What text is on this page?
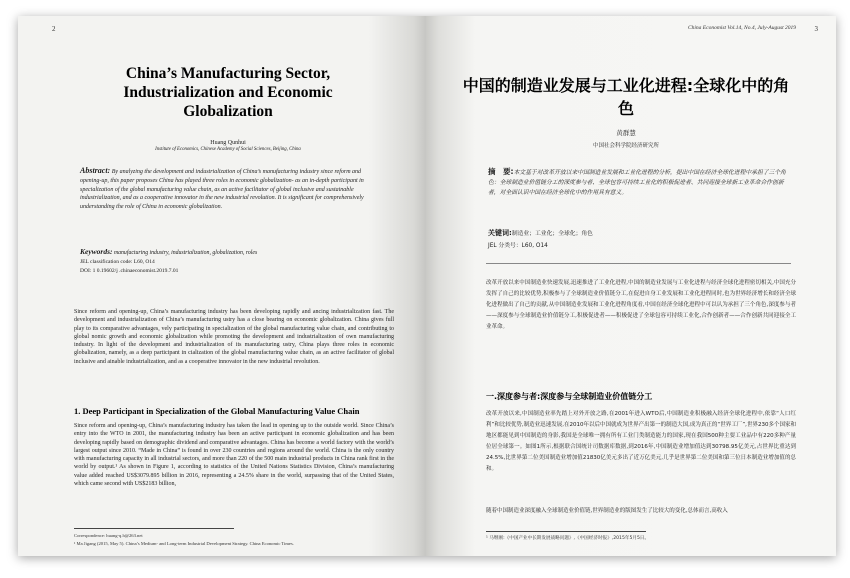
2
China’s Manufacturing Sector, Industrialization and Economic Globalization
Huang Qunhui
Institute of Economics, Chinese Academy of Social Sciences, Beijing, China

Abstract: By analyzing the development and industrialization of China’s manufacturing industry since reform and opening-up, this paper proposes China has played three roles in economic globalization- as an in-depth participant in specialization of the global manufacturing value chain, as an active facilitator of global inclusive and sustainable industrialization, and as a cooperative innovator in the new industrial revolution. It is significant for comprehensively understanding the role of China in economic globalization.

Keywords: manufacturing industry, industrialization, globalization, roles

JEL classification code: L60, O14
DOI: 1 0.19602/j .chinaeconomist.2019.7.01

Since reform and opening-up, China’s manufacturing industry has been developing rapidly and ancing industrialization fast. The development and industrialization of China’s manufacturing ustry has a close bearing on economic globalization. China gives full play to its comparative advantages, vely participating in specialization of the global manufacturing value chain, and contributing to global nomic growth and economic globalization while promoting the development and industrialization of own manufacturing industry. In light of the development and industrialization of its manufacturing ustry, China plays three roles in economic globalization, namely, as a deep participant in cialization of the global manufacturing value chain, as an active facilitator of global inclusive and ainable industrialization, and as a cooperative innovator in the new industrial revolution.

1. Deep Participant in Specialization of the Global Manufacturing Value Chain

Since reform and opening-up, China’s manufacturing industry has taken the lead in opening up to the outside world. Since China’s entry into the WTO in 2001, the manufacturing industry has been an active participant in economic globalization and has been developing rapidly based on demographic dividend and comparative advantages. China has become a world factory with the world’s largest output since 2010. “Made in China” is found in over 230 countries and regions around the world. China is the only country with manufacturing capacity in all industrial sectors, and more than 220 of the 500 main industrial products in China rank first in the world by output.¹ As shown in Figure 1, according to statistics of the United Nations Statistics Division, China’s manufacturing value added reached US$3079.895 billion in 2016, representing a 24.5% share in the world, surpassing that of the United States, which came second with US$2183 billion,

Correspondence: huang-q.h@263.net
¹ Ma Jigang (2015, May 5). China’s Medium- and Long-term Industrial Development Strategy. China Economic Times.
China Economist Vol.14, No.4, July-August 2019	3
中国的制造业发展与工业化进程:全球化中的角色
黄群慧
中国社会科学院经济研究所

摘　要:本文基于对改革开放以来中国制造业发展和工业化进程的分析，提出中国在经济全球化进程中承担了三个角色：全球制造业价值链分工的深度参与者、全球包容可持续工业化的积极促进者、共同迎接全球新工业革命合作创新者，对全面认识中国在经济全球化中的作用具有意义。

关键词:制造业；工业化；全球化；角色

JEL 分类号：L60, O14

改革开放以来中国制造业快速发展,迅速推进了工业化进程,中国的制造业发展与工业化进程与经济全球化进程密切相关,中国充分发挥了自己的比较优势,积极参与了全球制造业价值链分工,在促进自身工业发展和工业化进程同时,也为世界经济增长和经济全球化进程做出了自己的贡献,从中国制造业发展和工业化进程角度看,中国在经济全球化进程中可以认为承担了三个角色,深度参与者——深度参与全球制造业价值链分工,积极促进者——积极促进了全球包容可持续工业化,合作创新者——合作创新共同迎接全工业革命。

一.深度参与者:深度参与全球制造业价值链分工

改革开放以来,中国制造业率先踏上对外开放之路,在2001年进入WTO后,中国制造业积极融入经济全球化进程中,依靠“人口红利”和比较优势,制造业迅速发展,在2010年以后中国就成为世界产出第一的制造大国,成为真正的“世界工厂”,世界230多个国家和地区都能见到中国制造的身影,我国是全球唯一拥有所有工业门类制造能力的国家,现在我国500种主要工业品中有220多种产量位居全球第一。如图1所示,根据联合国统计司数据库数据,到2016年,中国制造业增加值达到30798.95亿美元,占世界比重达到24.5%,比世界第二位美国制造业增加值21830亿美元多出了近万亿美元,几乎是世界第二位美国和第三位日本制造业增加值的总和。

随着中国制造业深度融入全球制造业价值链,世界制造业的版图发生了比较大的变化,总体而言,高收入

¹ 马继刚:《中国产业中长期发展战略问题》,《中国经济时报》,2015年5月5日。
